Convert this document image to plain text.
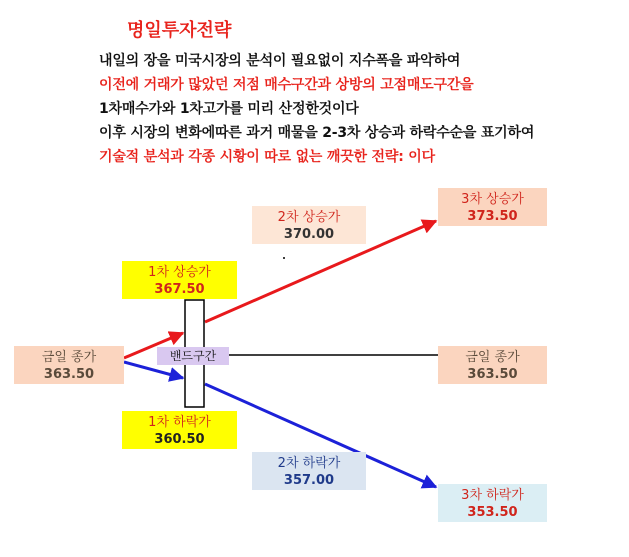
명일투자전략
내일의 장을 미국시장의 분석이 필요없이 지수폭을 파악하여
이전에 거래가 많았던 저점 매수구간과 상방의 고점매도구간을
1차매수가와 1차고가를 미리 산정한것이다
이후 시장의 변화에따른 과거 매물을 2-3차 상승과 하락수순을 표기하여
기술적 분석과 각종 시황이 따로 없는 깨끗한 전략: 이다
금일 종가
363.50
금일 종가
363.50
1차 상승가
367.50
2차 상승가
370.00
3차 상승가
373.50
1차 하락가
360.50
2차 하락가
357.00
3차 하락가
353.50
밴드구간
